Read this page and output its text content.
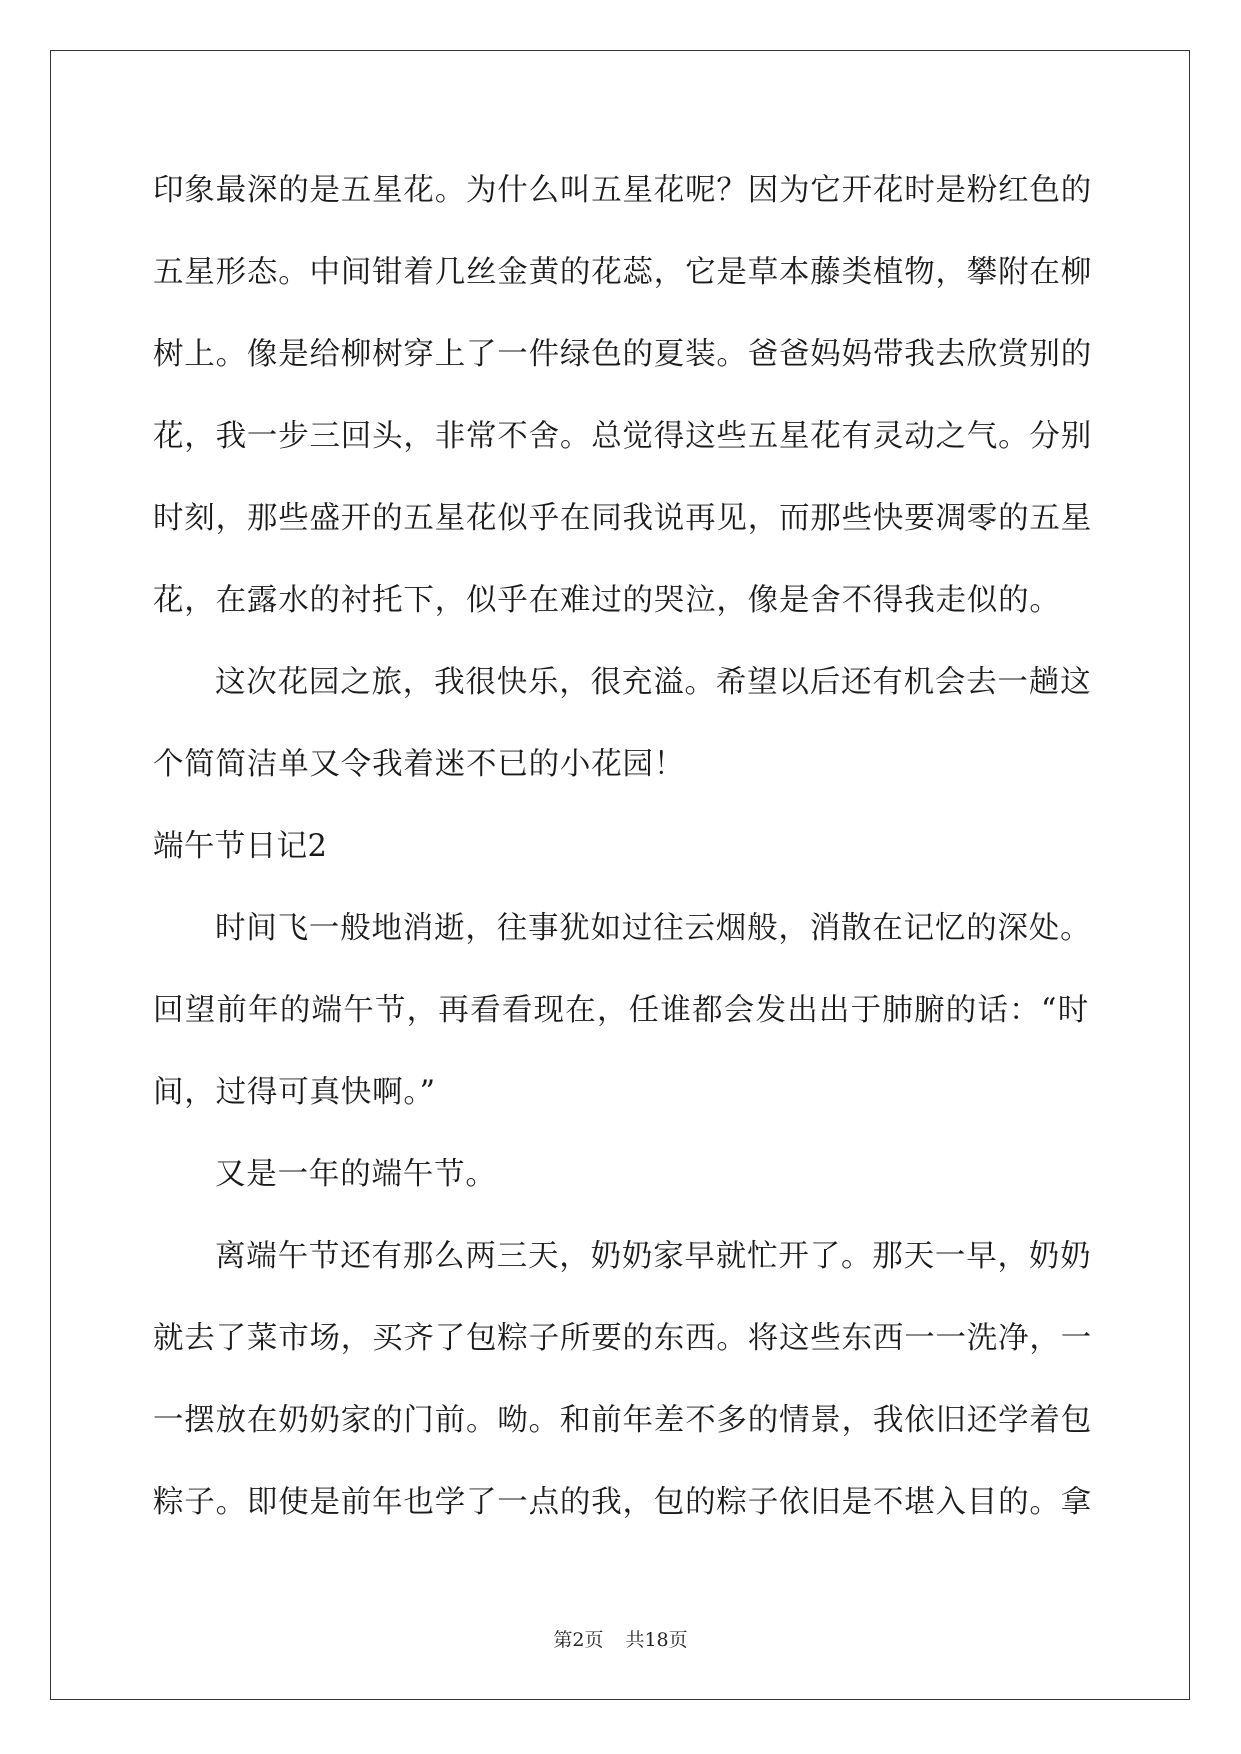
印象最深的是五星花。为什么叫五星花呢？因为它开花时是粉红色的
五星形态。中间钳着几丝金黄的花蕊，它是草本藤类植物，攀附在柳
树上。像是给柳树穿上了一件绿色的夏装。爸爸妈妈带我去欣赏别的
花，我一步三回头，非常不舍。总觉得这些五星花有灵动之气。分别
时刻，那些盛开的五星花似乎在同我说再见，而那些快要凋零的五星
花，在露水的衬托下，似乎在难过的哭泣，像是舍不得我走似的。
这次花园之旅，我很快乐，很充溢。希望以后还有机会去一趟这
个简简洁单又令我着迷不已的小花园！
端午节日记2
时间飞一般地消逝，往事犹如过往云烟般，消散在记忆的深处。
回望前年的端午节，再看看现在，任谁都会发出出于肺腑的话：“时
间，过得可真快啊。”
又是一年的端午节。
离端午节还有那么两三天，奶奶家早就忙开了。那天一早，奶奶
就去了菜市场，买齐了包粽子所要的东西。将这些东西一一洗净，一
一摆放在奶奶家的门前。呦。和前年差不多的情景，我依旧还学着包
粽子。即使是前年也学了一点的我，包的粽子依旧是不堪入目的。拿
第2页 共18页
